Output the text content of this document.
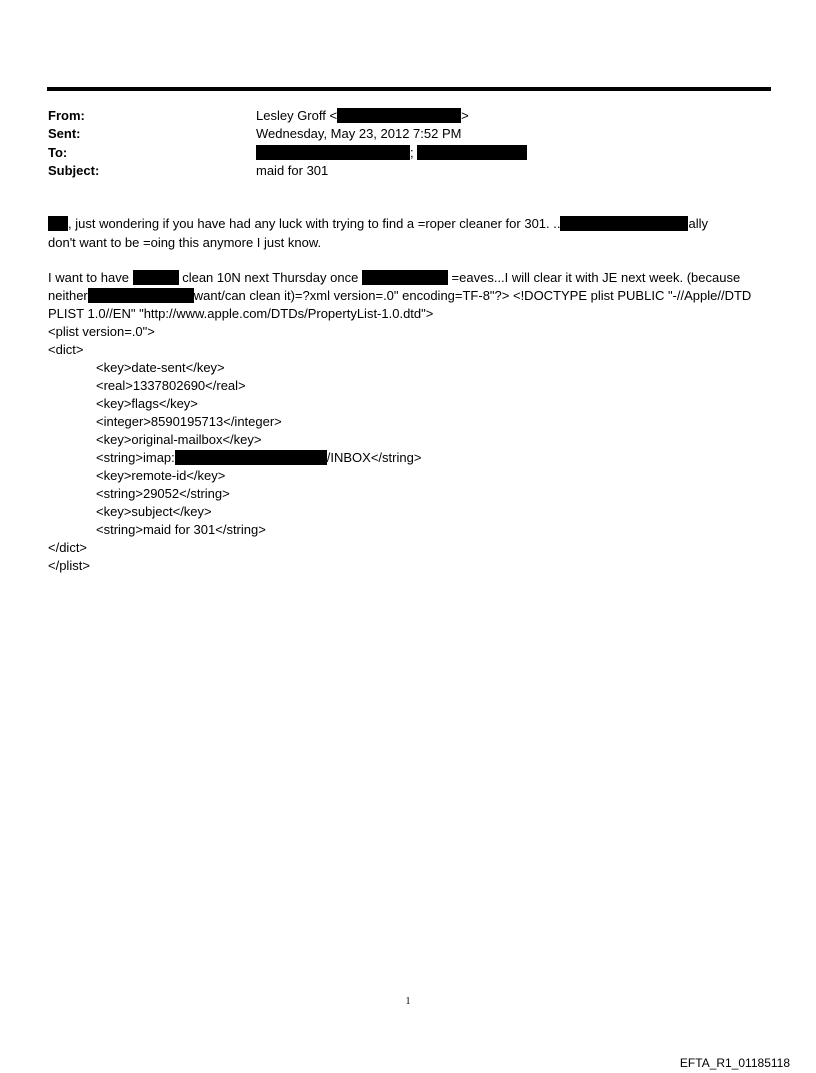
From:	Lesley Groff <	>
Sent:	Wednesday, May 23, 2012 7:52 PM
To:	;
Subject:	maid for 301
, just wondering if you have had any luck with trying to find a =roper cleaner for 301. ..	ally
don't want to be =oing this anymore I just know.
I want to have	clean 10N next Thursday once	=eaves...I will clear it with JE next week. (because
neither	want/can clean it)=?xml version=.0" encoding=TF-8"?> <!DOCTYPE plist PUBLIC "-//Apple//DTD
PLIST 1.0//EN" "http://www.apple.com/DTDs/PropertyList-1.0.dtd">
<plist version=.0">
<dict>
<key>date-sent</key>
<real>1337802690</real>
<key>flags</key>
<integer>8590195713</integer>
<key>original-mailbox</key>
<string>imap:	/INBOX</string>
<key>remote-id</key>
<string>29052</string>
<key>subject</key>
<string>maid for 301</string>
</dict>
</plist>
1
EFTA_R1_01185118
